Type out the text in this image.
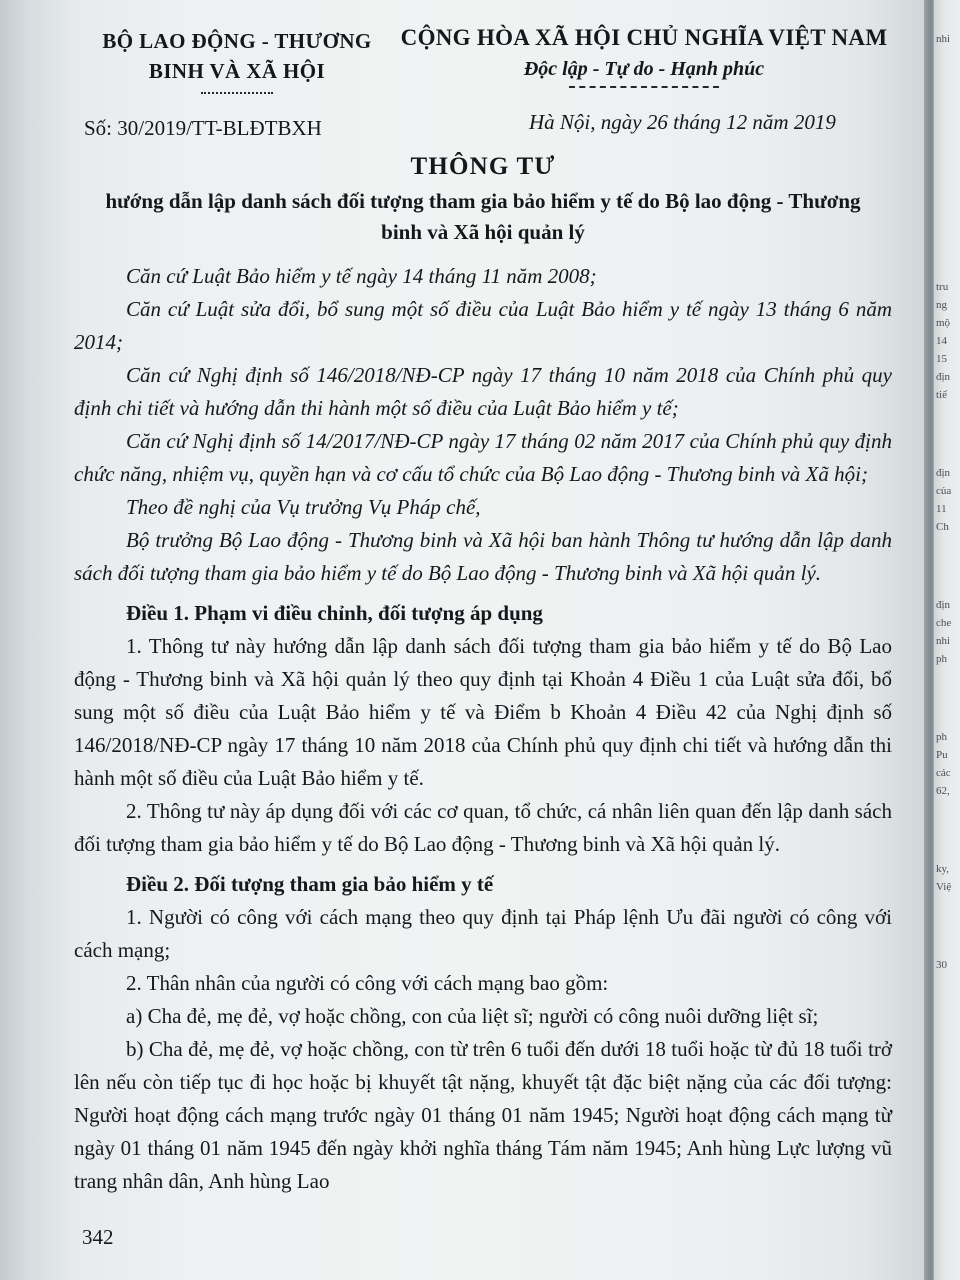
BỘ LAO ĐỘNG - THƯƠNG
BINH VÀ XÃ HỘI
CỘNG HÒA XÃ HỘI CHỦ NGHĨA VIỆT NAM
Độc lập - Tự do - Hạnh phúc
Số: 30/2019/TT-BLĐTBXH	Hà Nội, ngày 26 tháng 12 năm 2019
THÔNG TƯ
hướng dẫn lập danh sách đối tượng tham gia bảo hiểm y tế do Bộ lao động - Thương binh và Xã hội quản lý

Căn cứ Luật Bảo hiểm y tế ngày 14 tháng 11 năm 2008;

Căn cứ Luật sửa đổi, bổ sung một số điều của Luật Bảo hiểm y tế ngày 13 tháng 6 năm 2014;

Căn cứ Nghị định số 146/2018/NĐ-CP ngày 17 tháng 10 năm 2018 của Chính phủ quy định chi tiết và hướng dẫn thi hành một số điều của Luật Bảo hiểm y tế;

Căn cứ Nghị định số 14/2017/NĐ-CP ngày 17 tháng 02 năm 2017 của Chính phủ quy định chức năng, nhiệm vụ, quyền hạn và cơ cấu tổ chức của Bộ Lao động - Thương binh và Xã hội;

Theo đề nghị của Vụ trưởng Vụ Pháp chế,

Bộ trưởng Bộ Lao động - Thương binh và Xã hội ban hành Thông tư hướng dẫn lập danh sách đối tượng tham gia bảo hiểm y tế do Bộ Lao động - Thương binh và Xã hội quản lý.

Điều 1. Phạm vi điều chỉnh, đối tượng áp dụng

1. Thông tư này hướng dẫn lập danh sách đối tượng tham gia bảo hiểm y tế do Bộ Lao động - Thương binh và Xã hội quản lý theo quy định tại Khoản 4 Điều 1 của Luật sửa đổi, bổ sung một số điều của Luật Bảo hiểm y tế và Điểm b Khoản 4 Điều 42 của Nghị định số 146/2018/NĐ-CP ngày 17 tháng 10 năm 2018 của Chính phủ quy định chi tiết và hướng dẫn thi hành một số điều của Luật Bảo hiểm y tế.

2. Thông tư này áp dụng đối với các cơ quan, tổ chức, cá nhân liên quan đến lập danh sách đối tượng tham gia bảo hiểm y tế do Bộ Lao động - Thương binh và Xã hội quản lý.

Điều 2. Đối tượng tham gia bảo hiểm y tế

1. Người có công với cách mạng theo quy định tại Pháp lệnh Ưu đãi người có công với cách mạng;

2. Thân nhân của người có công với cách mạng bao gồm:

a) Cha đẻ, mẹ đẻ, vợ hoặc chồng, con của liệt sĩ; người có công nuôi dưỡng liệt sĩ;

b) Cha đẻ, mẹ đẻ, vợ hoặc chồng, con từ trên 6 tuổi đến dưới 18 tuổi hoặc từ đủ 18 tuổi trở lên nếu còn tiếp tục đi học hoặc bị khuyết tật nặng, khuyết tật đặc biệt nặng của các đối tượng: Người hoạt động cách mạng trước ngày 01 tháng 01 năm 1945; Người hoạt động cách mạng từ ngày 01 tháng 01 năm 1945 đến ngày khởi nghĩa tháng Tám năm 1945; Anh hùng Lực lượng vũ trang nhân dân, Anh hùng Lao

342
nhi
tru
ng
mộ
14
15
địn
tiế
địn
của
11
Ch
địn
che
nhi
ph
ph
Pu
các
62,
ky,
Việ
30
